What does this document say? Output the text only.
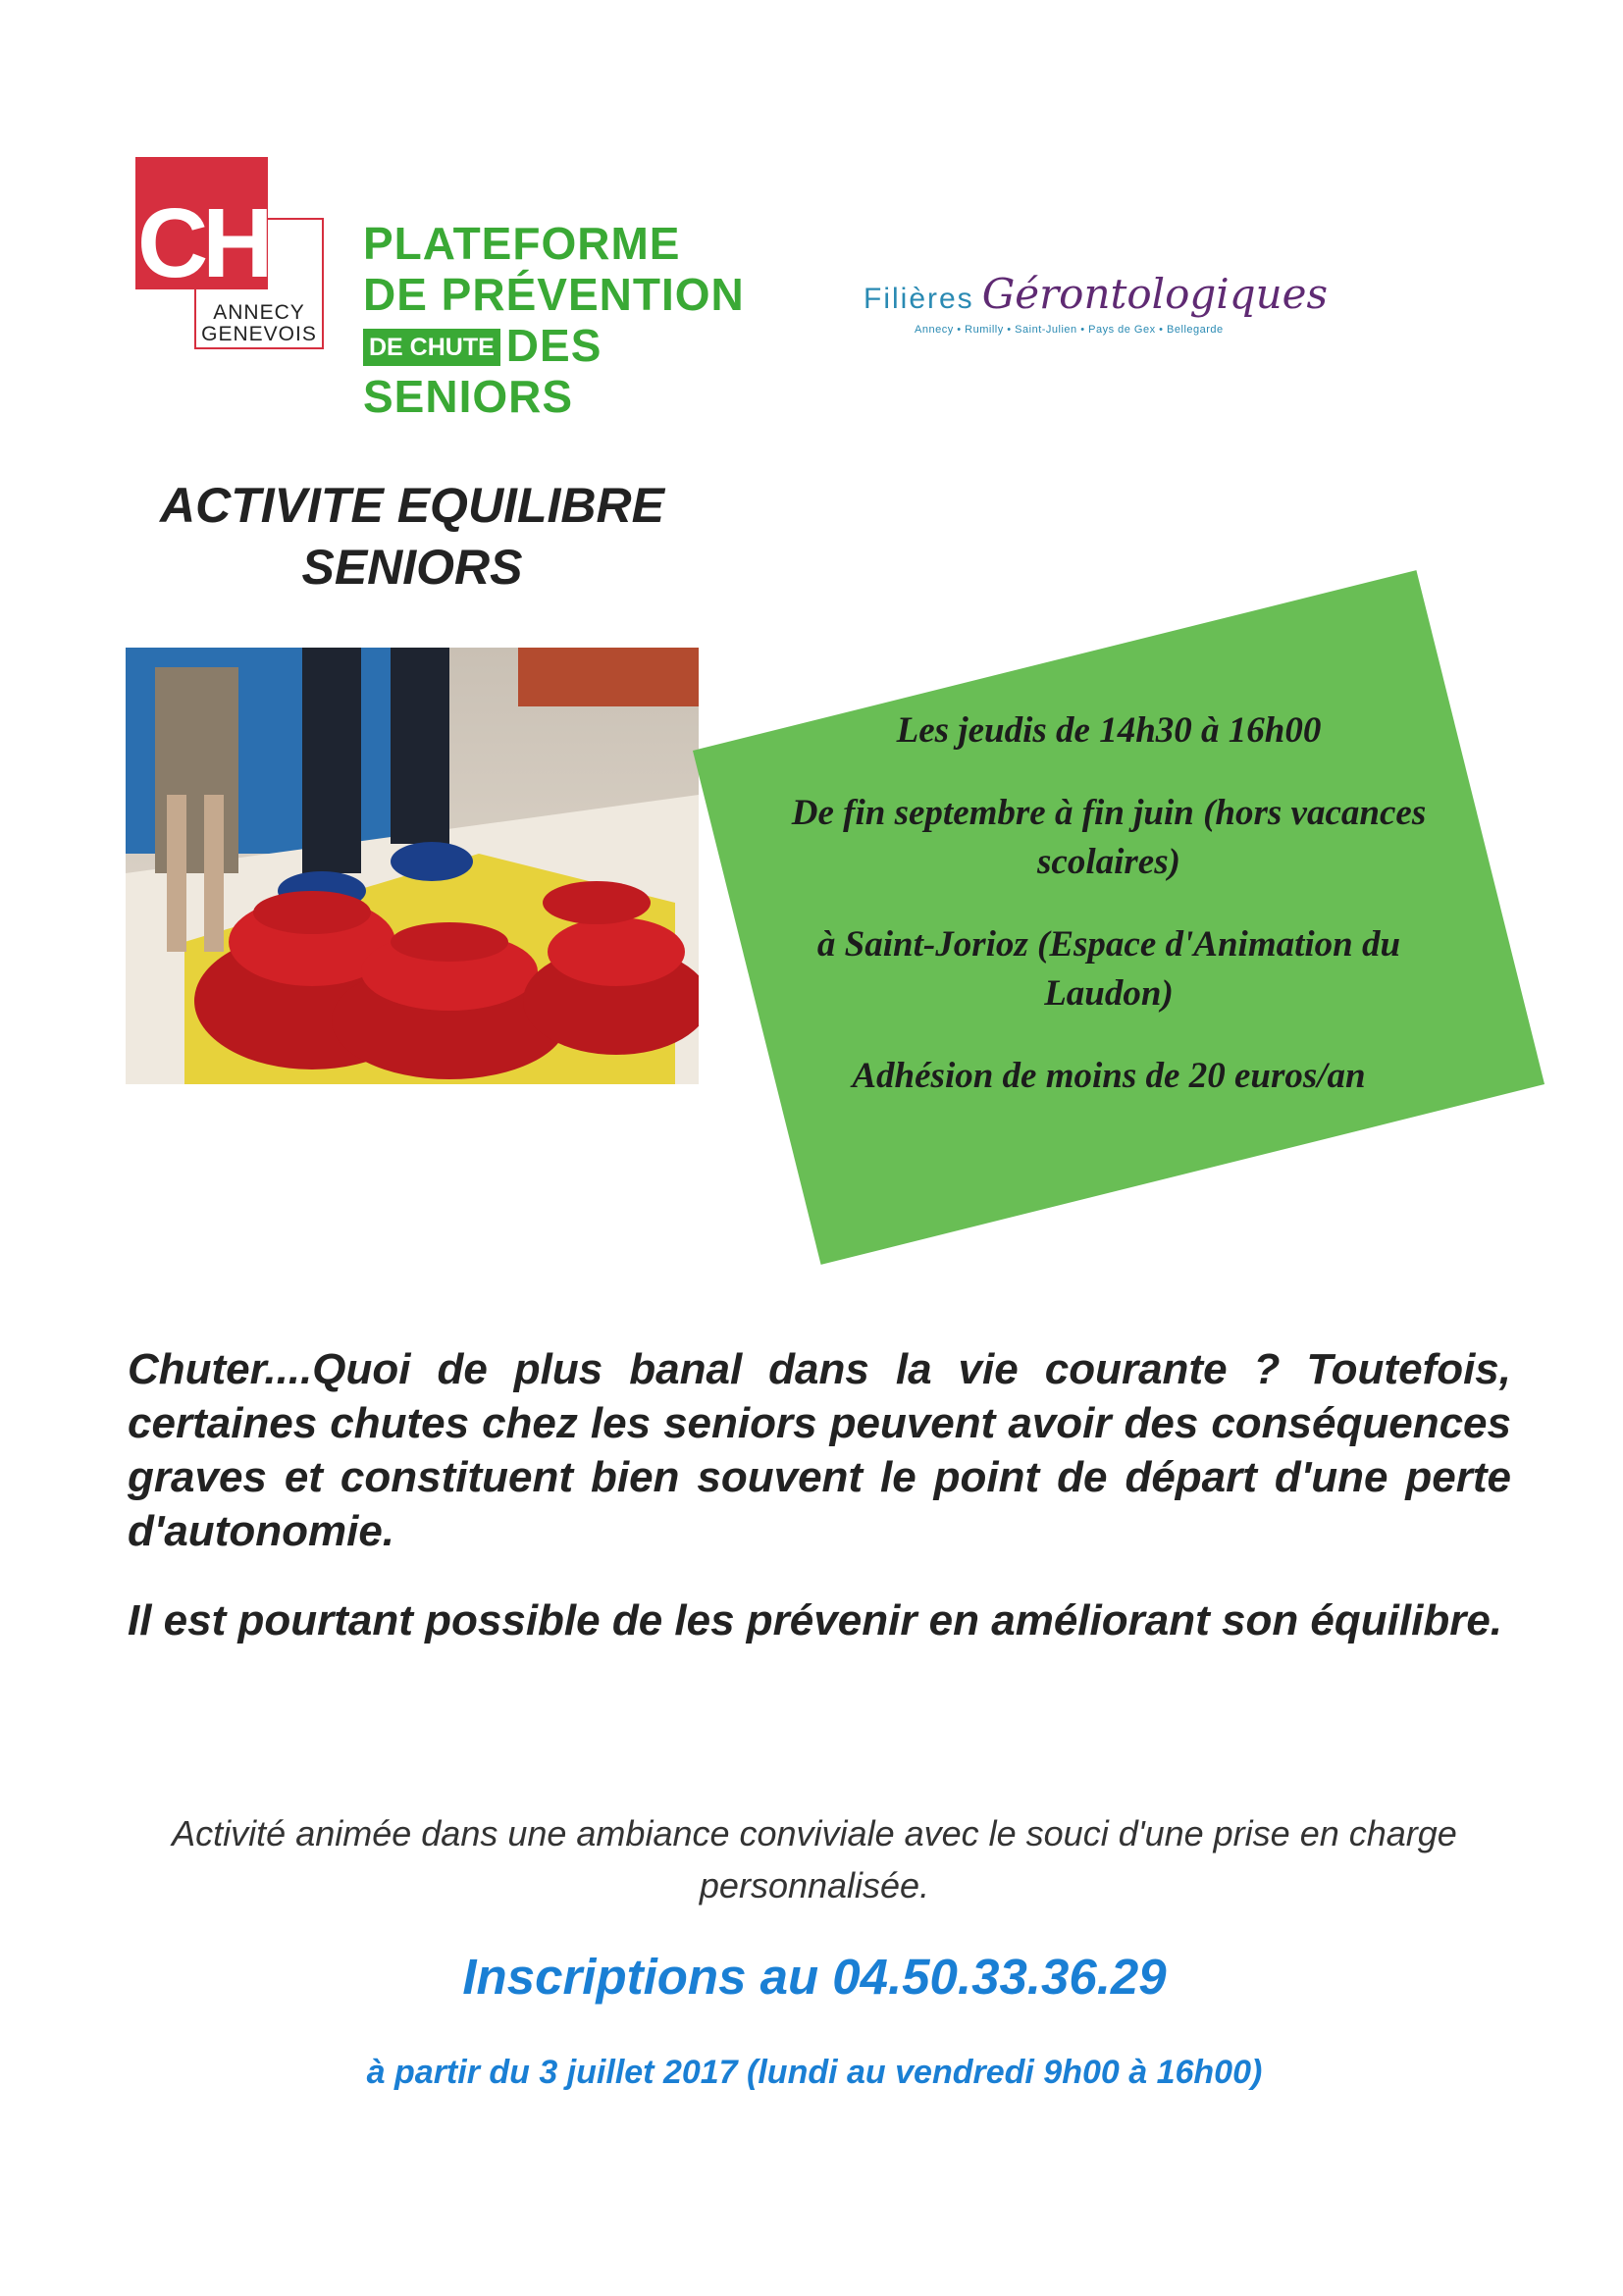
CH
ANNECY
GENEVOIS
PLATEFORME
DE PRÉVENTION
DE CHUTE DES SENIORS
Filières Gérontologiques
Annecy • Rumilly • Saint-Julien • Pays de Gex • Bellegarde
ACTIVITE EQUILIBRE
SENIORS

Les jeudis de 14h30 à 16h00

De fin septembre à fin juin (hors vacances scolaires)

à Saint-Jorioz (Espace d'Animation du Laudon)

Adhésion de moins de 20 euros/an

Chuter....Quoi de plus banal dans la vie courante ? Toutefois, certaines chutes chez les seniors peuvent avoir des conséquences graves et constituent bien souvent le point de départ d'une perte d'autonomie.

Il est pourtant possible de les prévenir en améliorant son équilibre.

Activité animée dans une ambiance conviviale avec le souci d'une prise en charge personnalisée.
Inscriptions au 04.50.33.36.29
à partir du 3 juillet 2017 (lundi au vendredi 9h00 à 16h00)
